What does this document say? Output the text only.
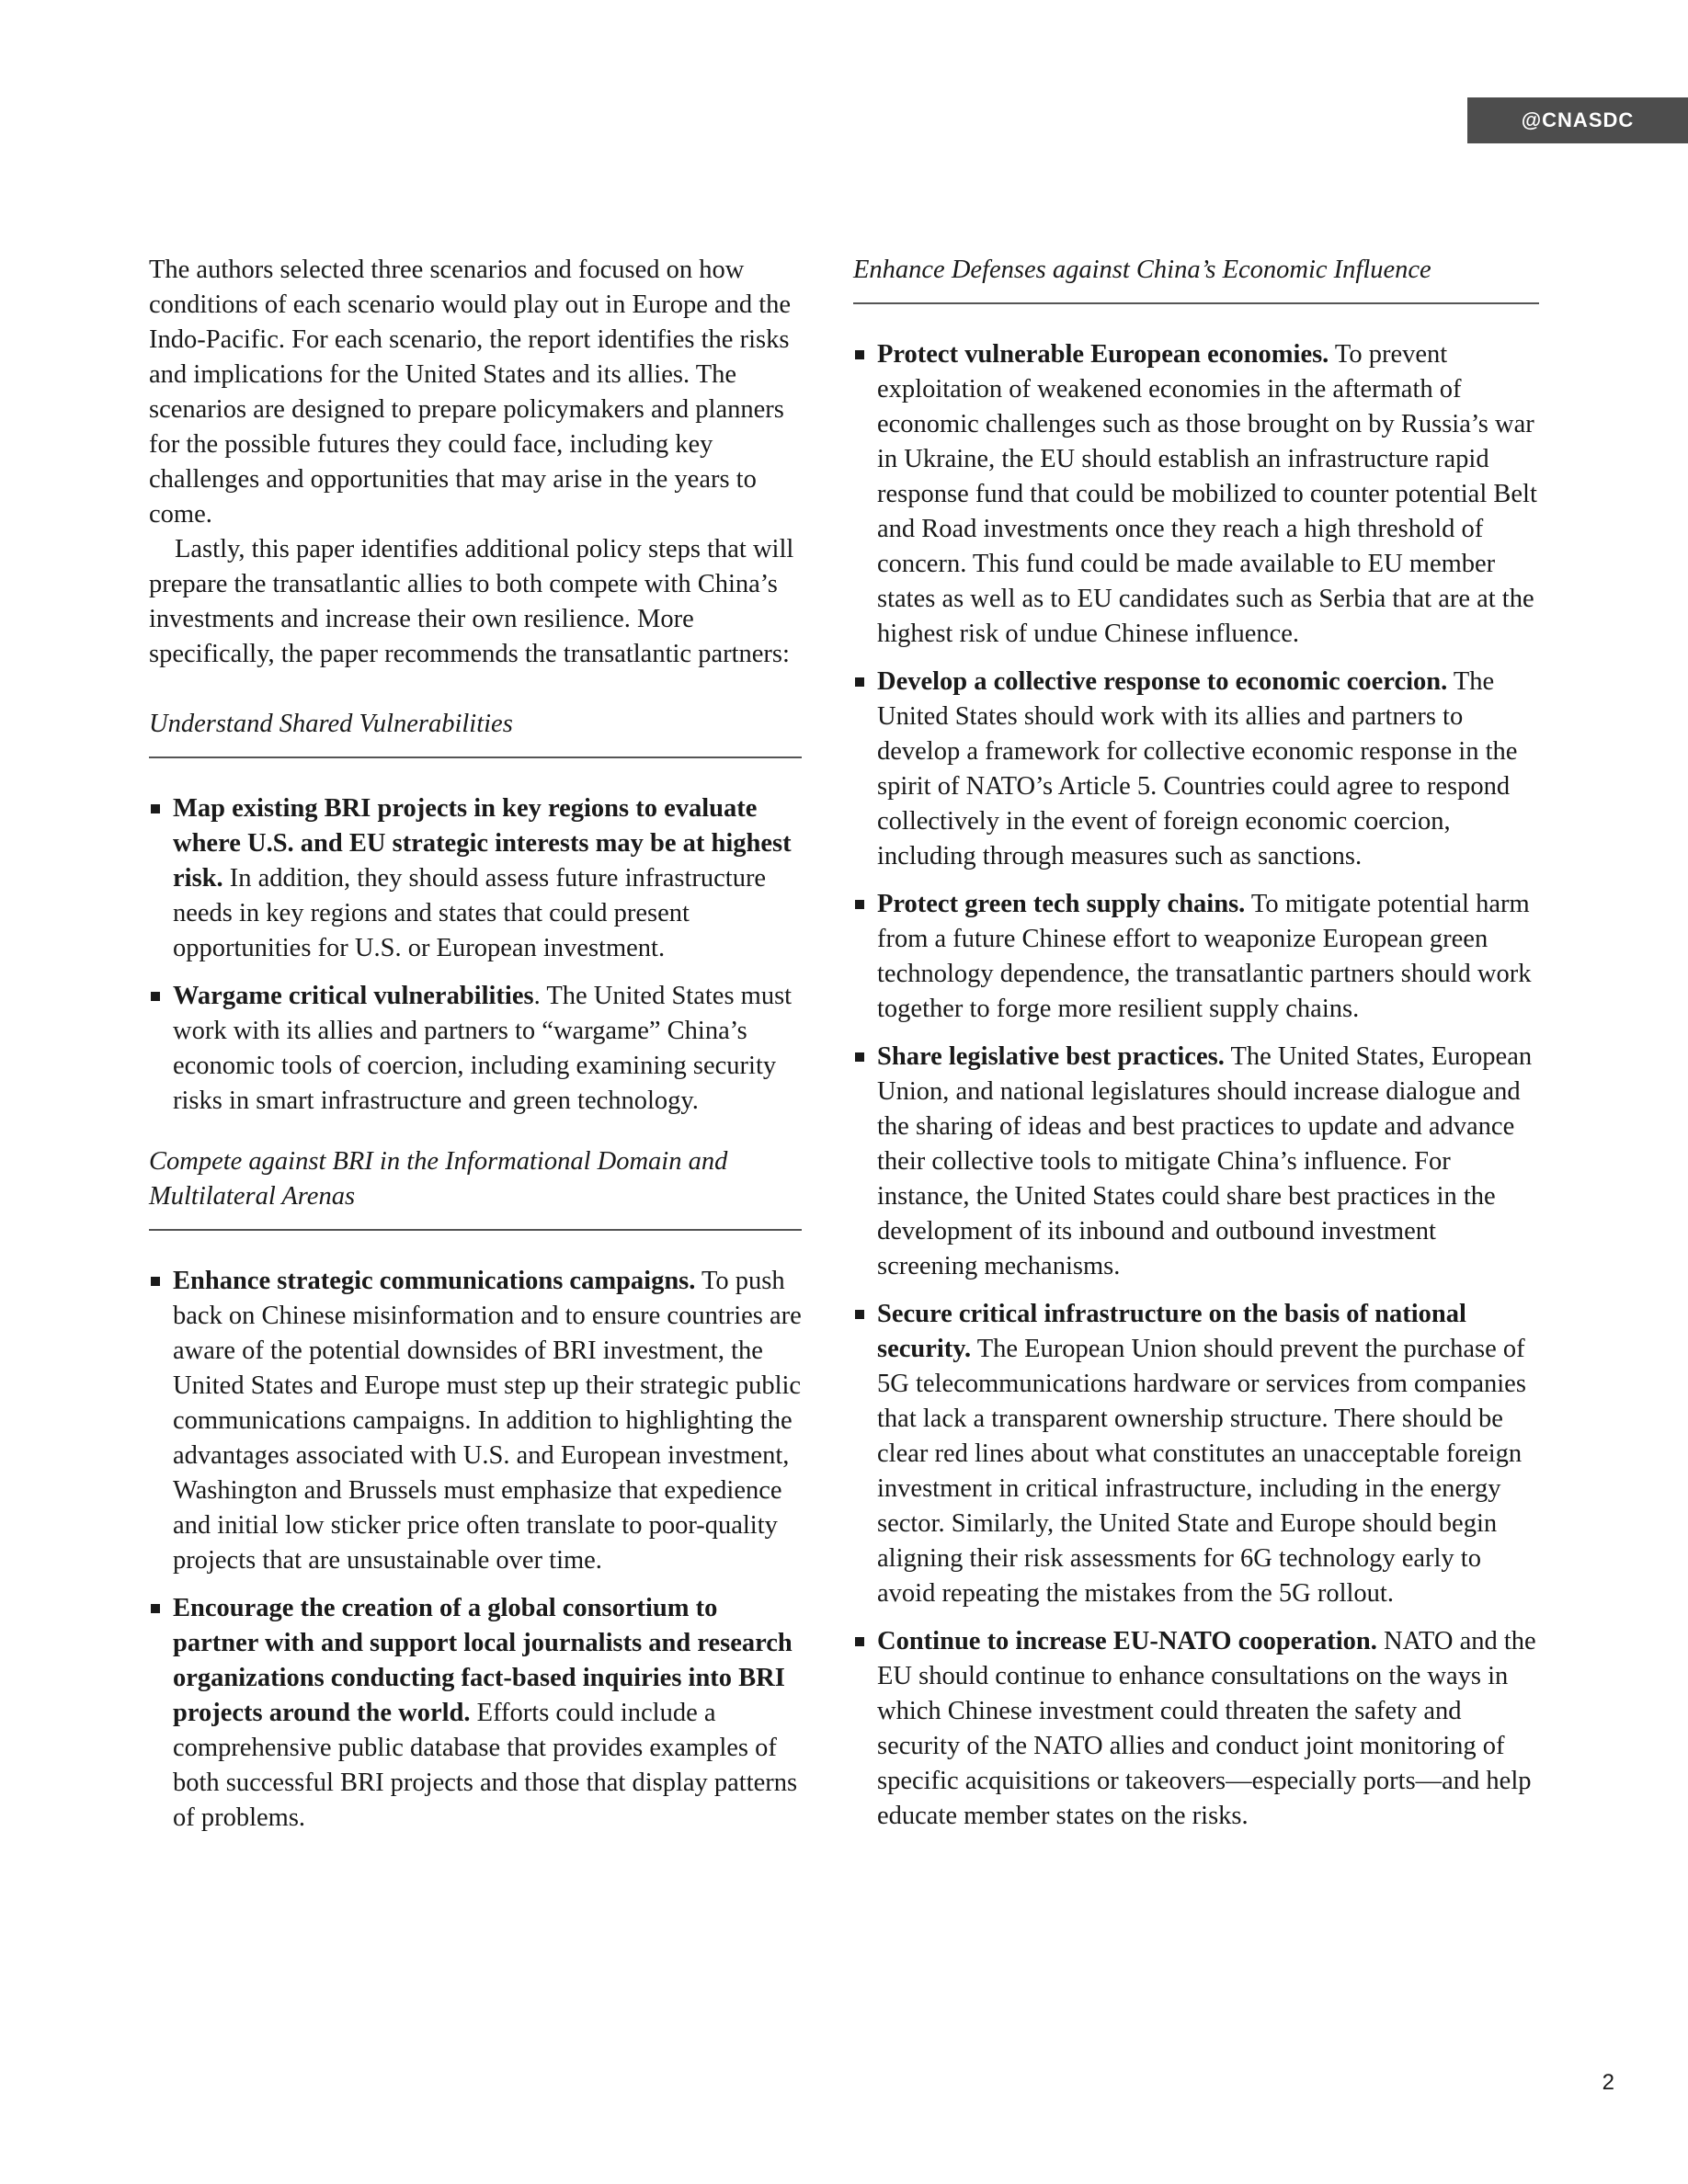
@CNASDC

The authors selected three scenarios and focused on how conditions of each scenario would play out in Europe and the Indo-Pacific. For each scenario, the report identifies the risks and implications for the United States and its allies. The scenarios are designed to prepare policymakers and planners for the possible futures they could face, including key challenges and opportunities that may arise in the years to come.

Lastly, this paper identifies additional policy steps that will prepare the transatlantic allies to both compete with China’s investments and increase their own resilience. More specifically, the paper recommends the transatlantic partners:

Understand Shared Vulnerabilities
Map existing BRI projects in key regions to evaluate where U.S. and EU strategic interests may be at highest risk. In addition, they should assess future infrastructure needs in key regions and states that could present opportunities for U.S. or European investment.
Wargame critical vulnerabilities. The United States must work with its allies and partners to “wargame” China’s economic tools of coercion, including examining security risks in smart infrastructure and green technology.
Compete against BRI in the Informational Domain and Multilateral Arenas
Enhance strategic communications campaigns. To push back on Chinese misinformation and to ensure countries are aware of the potential downsides of BRI investment, the United States and Europe must step up their strategic public communications campaigns. In addition to highlighting the advantages associated with U.S. and European investment, Washington and Brussels must emphasize that expedience and initial low sticker price often translate to poor-quality projects that are unsustainable over time.
Encourage the creation of a global consortium to partner with and support local journalists and research organizations conducting fact-based inquiries into BRI projects around the world. Efforts could include a comprehensive public database that provides examples of both successful BRI projects and those that display patterns of problems.
Enhance Defenses against China’s Economic Influence
Protect vulnerable European economies. To prevent exploitation of weakened economies in the aftermath of economic challenges such as those brought on by Russia’s war in Ukraine, the EU should establish an infrastructure rapid response fund that could be mobilized to counter potential Belt and Road investments once they reach a high threshold of concern. This fund could be made available to EU member states as well as to EU candidates such as Serbia that are at the highest risk of undue Chinese influence.
Develop a collective response to economic coercion. The United States should work with its allies and partners to develop a framework for collective economic response in the spirit of NATO’s Article 5. Countries could agree to respond collectively in the event of foreign economic coercion, including through measures such as sanctions.
Protect green tech supply chains. To mitigate potential harm from a future Chinese effort to weaponize European green technology dependence, the transatlantic partners should work together to forge more resilient supply chains.
Share legislative best practices. The United States, European Union, and national legislatures should increase dialogue and the sharing of ideas and best practices to update and advance their collective tools to mitigate China’s influence. For instance, the United States could share best practices in the development of its inbound and outbound investment screening mechanisms.
Secure critical infrastructure on the basis of national security. The European Union should prevent the purchase of 5G telecommunications hardware or services from companies that lack a transparent ownership structure. There should be clear red lines about what constitutes an unacceptable foreign investment in critical infrastructure, including in the energy sector. Similarly, the United State and Europe should begin aligning their risk assessments for 6G technology early to avoid repeating the mistakes from the 5G rollout.
Continue to increase EU-NATO cooperation. NATO and the EU should continue to enhance consultations on the ways in which Chinese investment could threaten the safety and security of the NATO allies and conduct joint monitoring of specific acquisitions or takeovers—especially ports—and help educate member states on the risks.
2
